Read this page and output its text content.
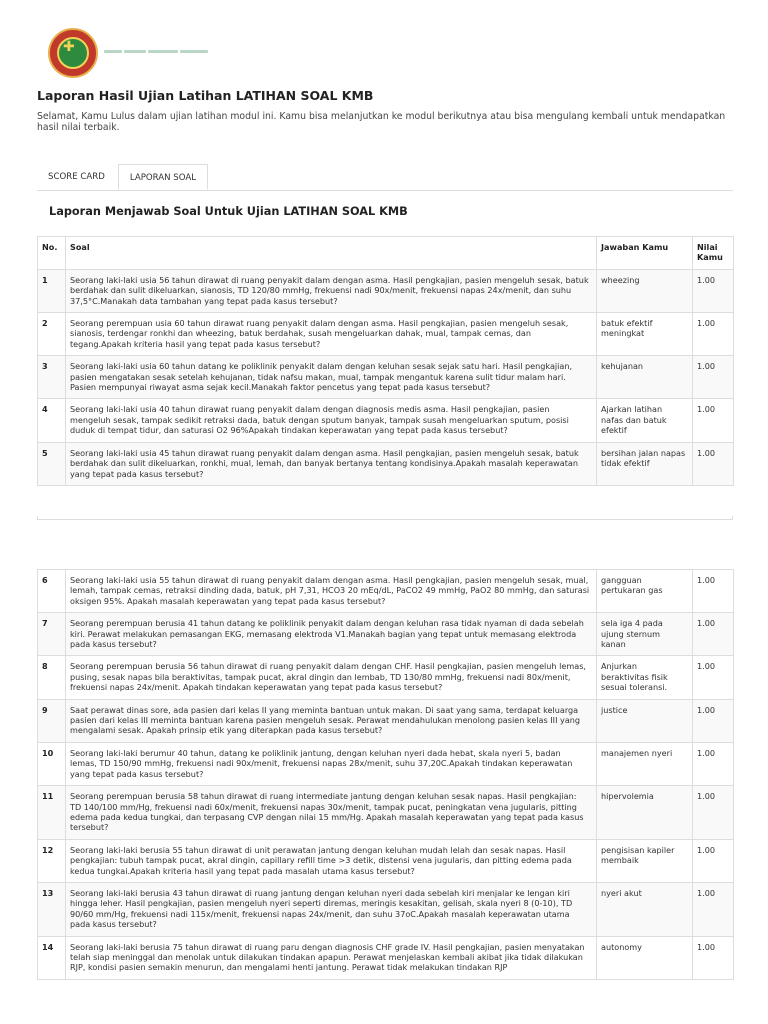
✚
Laporan Hasil Ujian Latihan LATIHAN SOAL KMB

Selamat, Kamu Lulus dalam ujian latihan modul ini. Kamu bisa melanjutkan ke modul berikutnya atau bisa mengulang kembali untuk mendapatkan hasil nilai terbaik.

SCORE CARD	LAPORAN SOAL
Laporan Menjawab Soal Untuk Ujian LATIHAN SOAL KMB
No.	Soal	Jawaban Kamu	Nilai Kamu
1	Seorang laki-laki usia 56 tahun dirawat di ruang penyakit dalam dengan asma. Hasil pengkajian, pasien mengeluh sesak, batuk berdahak dan sulit dikeluarkan, sianosis, TD 120/80 mmHg, frekuensi nadi 90x/menit, frekuensi napas 24x/menit, dan suhu 37,5°C.Manakah data tambahan yang tepat pada kasus tersebut?	wheezing	1.00
2	Seorang perempuan usia 60 tahun dirawat ruang penyakit dalam dengan asma. Hasil pengkajian, pasien mengeluh sesak, sianosis, terdengar ronkhi dan wheezing, batuk berdahak, susah mengeluarkan dahak, mual, tampak cemas, dan tegang.Apakah kriteria hasil yang tepat pada kasus tersebut?	batuk efektif meningkat	1.00
3	Seorang laki-laki usia 60 tahun datang ke poliklinik penyakit dalam dengan keluhan sesak sejak satu hari. Hasil pengkajian, pasien mengatakan sesak setelah kehujanan, tidak nafsu makan, mual, tampak mengantuk karena sulit tidur malam hari. Pasien mempunyai riwayat asma sejak kecil.Manakah faktor pencetus yang tepat pada kasus tersebut?	kehujanan	1.00
4	Seorang laki-laki usia 40 tahun dirawat ruang penyakit dalam dengan diagnosis medis asma. Hasil pengkajian, pasien mengeluh sesak, tampak sedikit retraksi dada, batuk dengan sputum banyak, tampak susah mengeluarkan sputum, posisi duduk di tempat tidur, dan saturasi O2 96%Apakah tindakan keperawatan yang tepat pada kasus tersebut?	Ajarkan latihan nafas dan batuk efektif	1.00
5	Seorang laki-laki usia 45 tahun dirawat ruang penyakit dalam dengan asma. Hasil pengkajian, pasien mengeluh sesak, batuk berdahak dan sulit dikeluarkan, ronkhi, mual, lemah, dan banyak bertanya tentang kondisinya.Apakah masalah keperawatan yang tepat pada kasus tersebut?	bersihan jalan napas tidak efektif	1.00
6	Seorang laki-laki usia 55 tahun dirawat di ruang penyakit dalam dengan asma. Hasil pengkajian, pasien mengeluh sesak, mual, lemah, tampak cemas, retraksi dinding dada, batuk, pH 7,31, HCO3 20 mEq/dL, PaCO2 49 mmHg, PaO2 80 mmHg, dan saturasi oksigen 95%. Apakah masalah keperawatan yang tepat pada kasus tersebut?	gangguan pertukaran gas	1.00
7	Seorang perempuan berusia 41 tahun datang ke poliklinik penyakit dalam dengan keluhan rasa tidak nyaman di dada sebelah kiri. Perawat melakukan pemasangan EKG, memasang elektroda V1.Manakah bagian yang tepat untuk memasang elektroda pada kasus tersebut?	sela iga 4 pada ujung sternum kanan	1.00
8	Seorang perempuan berusia 56 tahun dirawat di ruang penyakit dalam dengan CHF. Hasil pengkajian, pasien mengeluh lemas, pusing, sesak napas bila beraktivitas, tampak pucat, akral dingin dan lembab, TD 130/80 mmHg, frekuensi nadi 80x/menit, frekuensi napas 24x/menit. Apakah tindakan keperawatan yang tepat pada kasus tersebut?	Anjurkan beraktivitas fisik sesuai toleransi.	1.00
9	Saat perawat dinas sore, ada pasien dari kelas II yang meminta bantuan untuk makan. Di saat yang sama, terdapat keluarga pasien dari kelas III meminta bantuan karena pasien mengeluh sesak. Perawat mendahulukan menolong pasien kelas III yang mengalami sesak. Apakah prinsip etik yang diterapkan pada kasus tersebut?	justice	1.00
10	Seorang laki-laki berumur 40 tahun, datang ke poliklinik jantung, dengan keluhan nyeri dada hebat, skala nyeri 5, badan lemas, TD 150/90 mmHg, frekuensi nadi 90x/menit, frekuensi napas 28x/menit, suhu 37,20C.Apakah tindakan keperawatan yang tepat pada kasus tersebut?	manajemen nyeri	1.00
11	Seorang perempuan berusia 58 tahun dirawat di ruang intermediate jantung dengan keluhan sesak napas. Hasil pengkajian: TD 140/100 mm/Hg, frekuensi nadi 60x/menit, frekuensi napas 30x/menit, tampak pucat, peningkatan vena jugularis, pitting edema pada kedua tungkai, dan terpasang CVP dengan nilai 15 mm/Hg. Apakah masalah keperawatan yang tepat pada kasus tersebut?	hipervolemia	1.00
12	Seorang laki-laki berusia 55 tahun dirawat di unit perawatan jantung dengan keluhan mudah lelah dan sesak napas. Hasil pengkajian: tubuh tampak pucat, akral dingin, capillary refill time >3 detik, distensi vena jugularis, dan pitting edema pada kedua tungkai.Apakah kriteria hasil yang tepat pada masalah utama kasus tersebut?	pengisisan kapiler membaik	1.00
13	Seorang laki-laki berusia 43 tahun dirawat di ruang jantung dengan keluhan nyeri dada sebelah kiri menjalar ke lengan kiri hingga leher. Hasil pengkajian, pasien mengeluh nyeri seperti diremas, meringis kesakitan, gelisah, skala nyeri 8 (0-10), TD 90/60 mm/Hg, frekuensi nadi 115x/menit, frekuensi napas 24x/menit, dan suhu 37oC.Apakah masalah keperawatan utama pada kasus tersebut?	nyeri akut	1.00
14	Seorang laki-laki berusia 75 tahun dirawat di ruang paru dengan diagnosis CHF grade IV. Hasil pengkajian, pasien menyatakan telah siap meninggal dan menolak untuk dilakukan tindakan apapun. Perawat menjelaskan kembali akibat jika tidak dilakukan RJP, kondisi pasien semakin menurun, dan mengalami henti jantung. Perawat tidak melakukan tindakan RJP	autonomy	1.00
